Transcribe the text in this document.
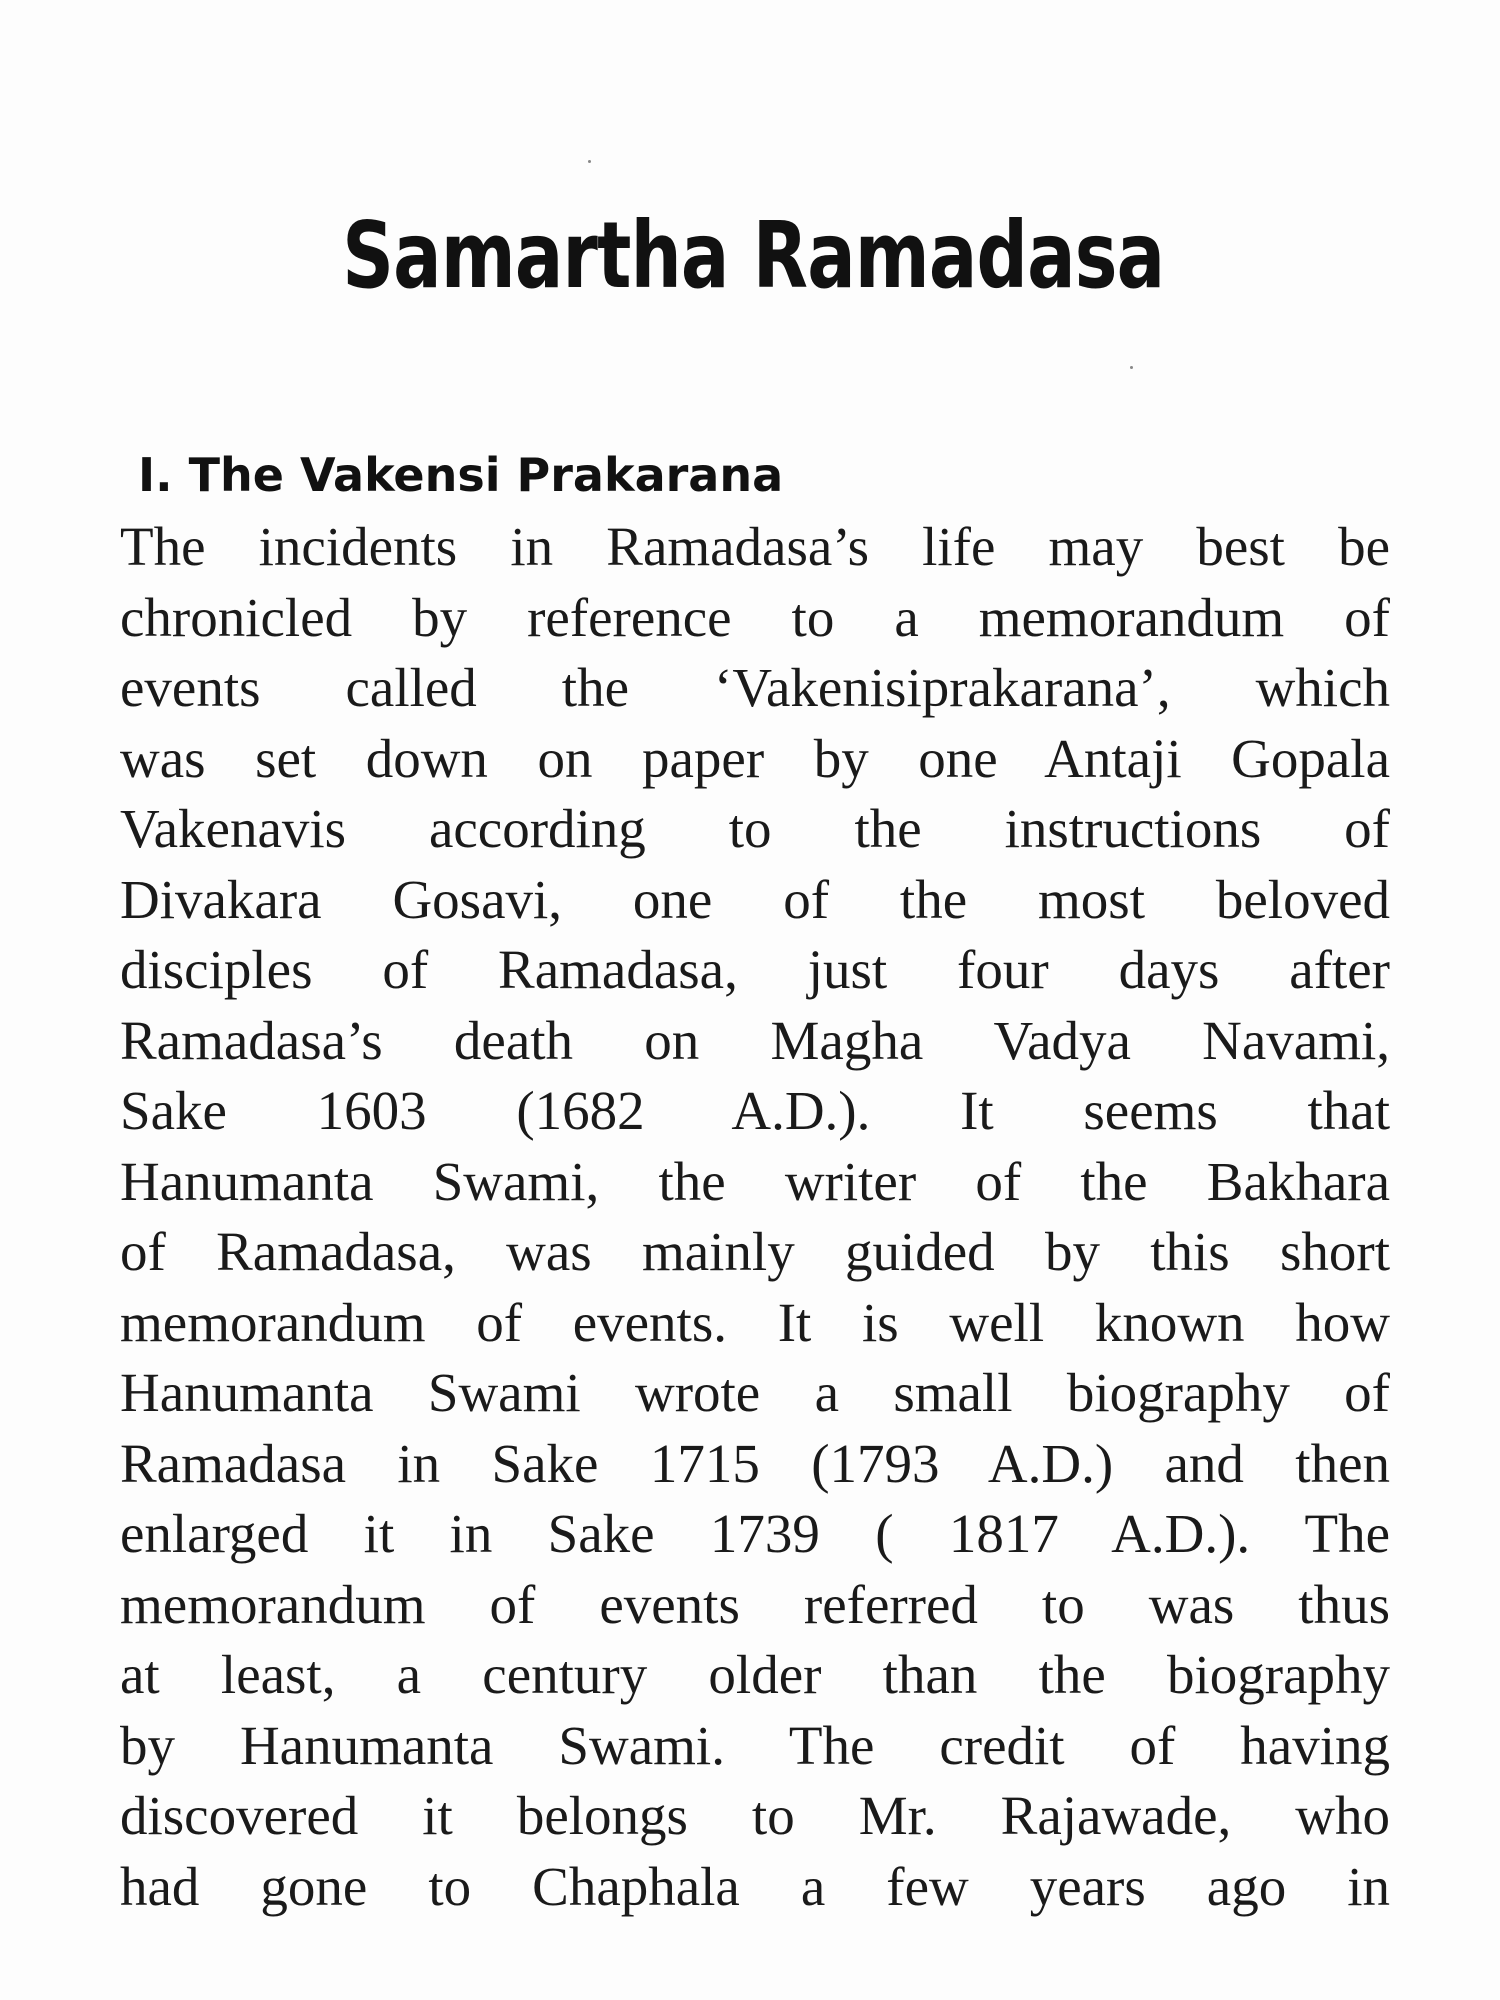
Samartha Ramadasa
I. The Vakensi Prakarana
The incidents in Ramadasa’s life may best be
chronicled by reference to a memorandum of
events called the ‘Vakenisiprakarana’, which
was set down on paper by one Antaji Gopala
Vakenavis according to the instructions of
Divakara Gosavi, one of the most beloved
disciples of Ramadasa, just four days after
Ramadasa’s death on Magha Vadya Navami,
Sake 1603 (1682 A.D.). It seems that
Hanumanta Swami, the writer of the Bakhara
of Ramadasa, was mainly guided by this short
memorandum of events. It is well known how
Hanumanta Swami wrote a small biography of
Ramadasa in Sake 1715 (1793 A.D.) and then
enlarged it in Sake 1739 ( 1817 A.D.). The
memorandum of events referred to was thus
at least, a century older than the biography
by Hanumanta Swami. The credit of having
discovered it belongs to Mr. Rajawade, who
had gone to Chaphala a few years ago in
